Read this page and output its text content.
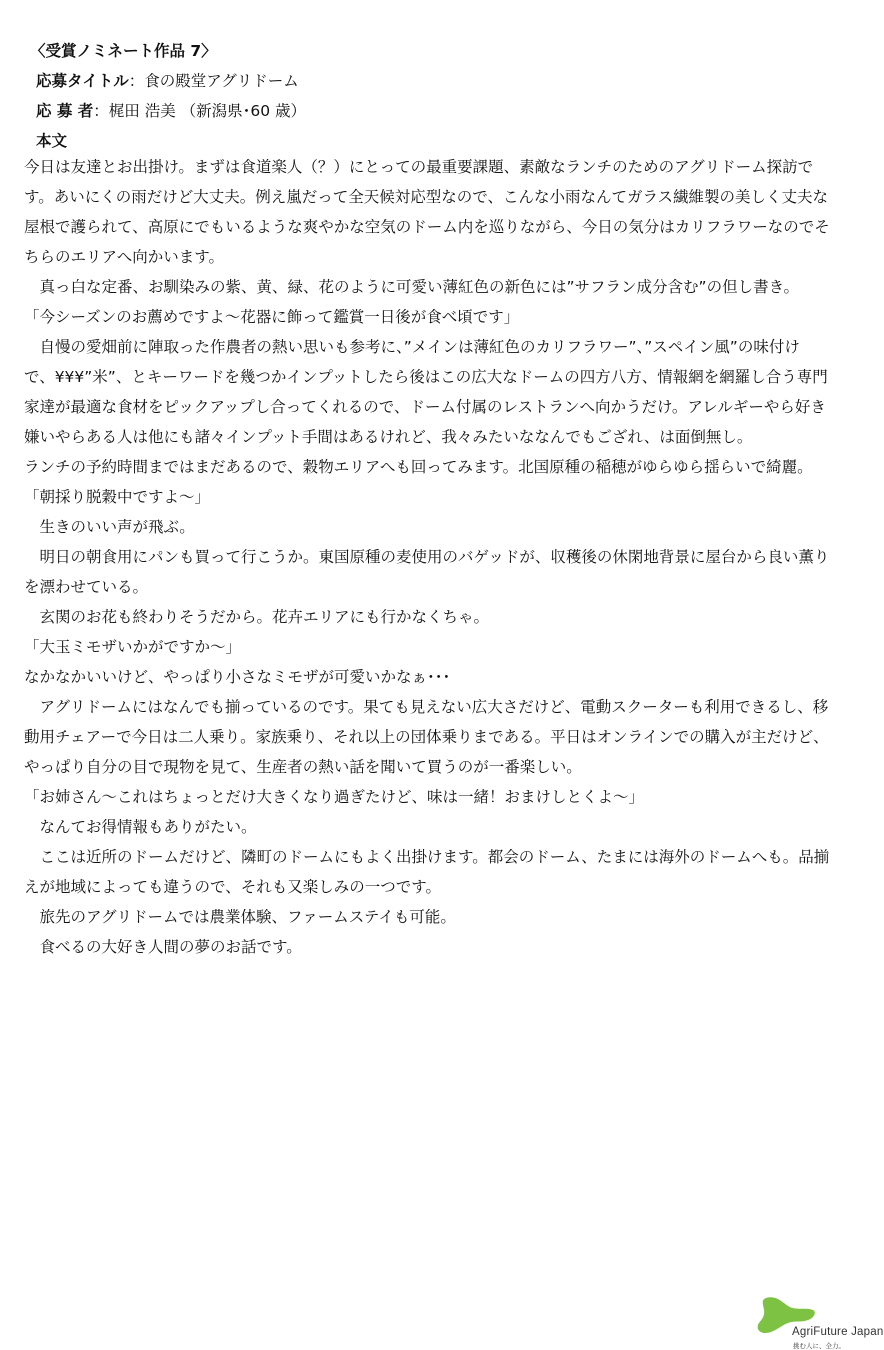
〈受賞ノミネート作品 7〉
応募タイトル：食の殿堂アグリドーム
応 募 者：梶田 浩美 （新潟県･60 歳）
本文

今日は友達とお出掛け。まずは食道楽人（？）にとっての最重要課題、素敵なランチのためのアグリドーム探訪です。あいにくの雨だけど大丈夫。例え嵐だって全天候対応型なので、こんな小雨なんてガラス繊維製の美しく丈夫な屋根で護られて、高原にでもいるような爽やかな空気のドーム内を巡りながら、今日の気分はカリフラワーなのでそちらのエリアへ向かいます。

真っ白な定番、お馴染みの紫、黄、緑、花のように可愛い薄紅色の新色には”サフラン成分含む”の但し書き。

「今シーズンのお薦めですよ～花器に飾って鑑賞一日後が食べ頃です」

自慢の愛畑前に陣取った作農者の熱い思いも参考に、”メインは薄紅色のカリフラワー”、”スペイン風”の味付けで、¥¥¥”米”、とキーワードを幾つかインプットしたら後はこの広大なドームの四方八方、情報網を網羅し合う専門家達が最適な食材をピックアップし合ってくれるので、ドーム付属のレストランへ向かうだけ。アレルギーやら好き嫌いやらある人は他にも諸々インプット手間はあるけれど、我々みたいななんでもござれ、は面倒無し。

ランチの予約時間まではまだあるので、穀物エリアへも回ってみます。北国原種の稲穂がゆらゆら揺らいで綺麗。

「朝採り脱穀中ですよ～」

生きのいい声が飛ぶ。

明日の朝食用にパンも買って行こうか。東国原種の麦使用のバゲッドが、収穫後の休閑地背景に屋台から良い薫りを漂わせている。

玄関のお花も終わりそうだから。花卉エリアにも行かなくちゃ。

「大玉ミモザいかがですか～」

なかなかいいけど、やっぱり小さなミモザが可愛いかなぁ･･･

アグリドームにはなんでも揃っているのです。果ても見えない広大さだけど、電動スクーターも利用できるし、移動用チェアーで今日は二人乗り。家族乗り、それ以上の団体乗りまである。平日はオンラインでの購入が主だけど、やっぱり自分の目で現物を見て、生産者の熱い話を聞いて買うのが一番楽しい。

「お姉さん～これはちょっとだけ大きくなり過ぎたけど、味は一緒！おまけしとくよ～」

なんてお得情報もありがたい。

ここは近所のドームだけど、隣町のドームにもよく出掛けます。都会のドーム、たまには海外のドームへも。品揃えが地域によっても違うので、それも又楽しみの一つです。

旅先のアグリドームでは農業体験、ファームステイも可能。

食べるの大好き人間の夢のお話です。

AgriFuture Japan
挑む人に、全力。
